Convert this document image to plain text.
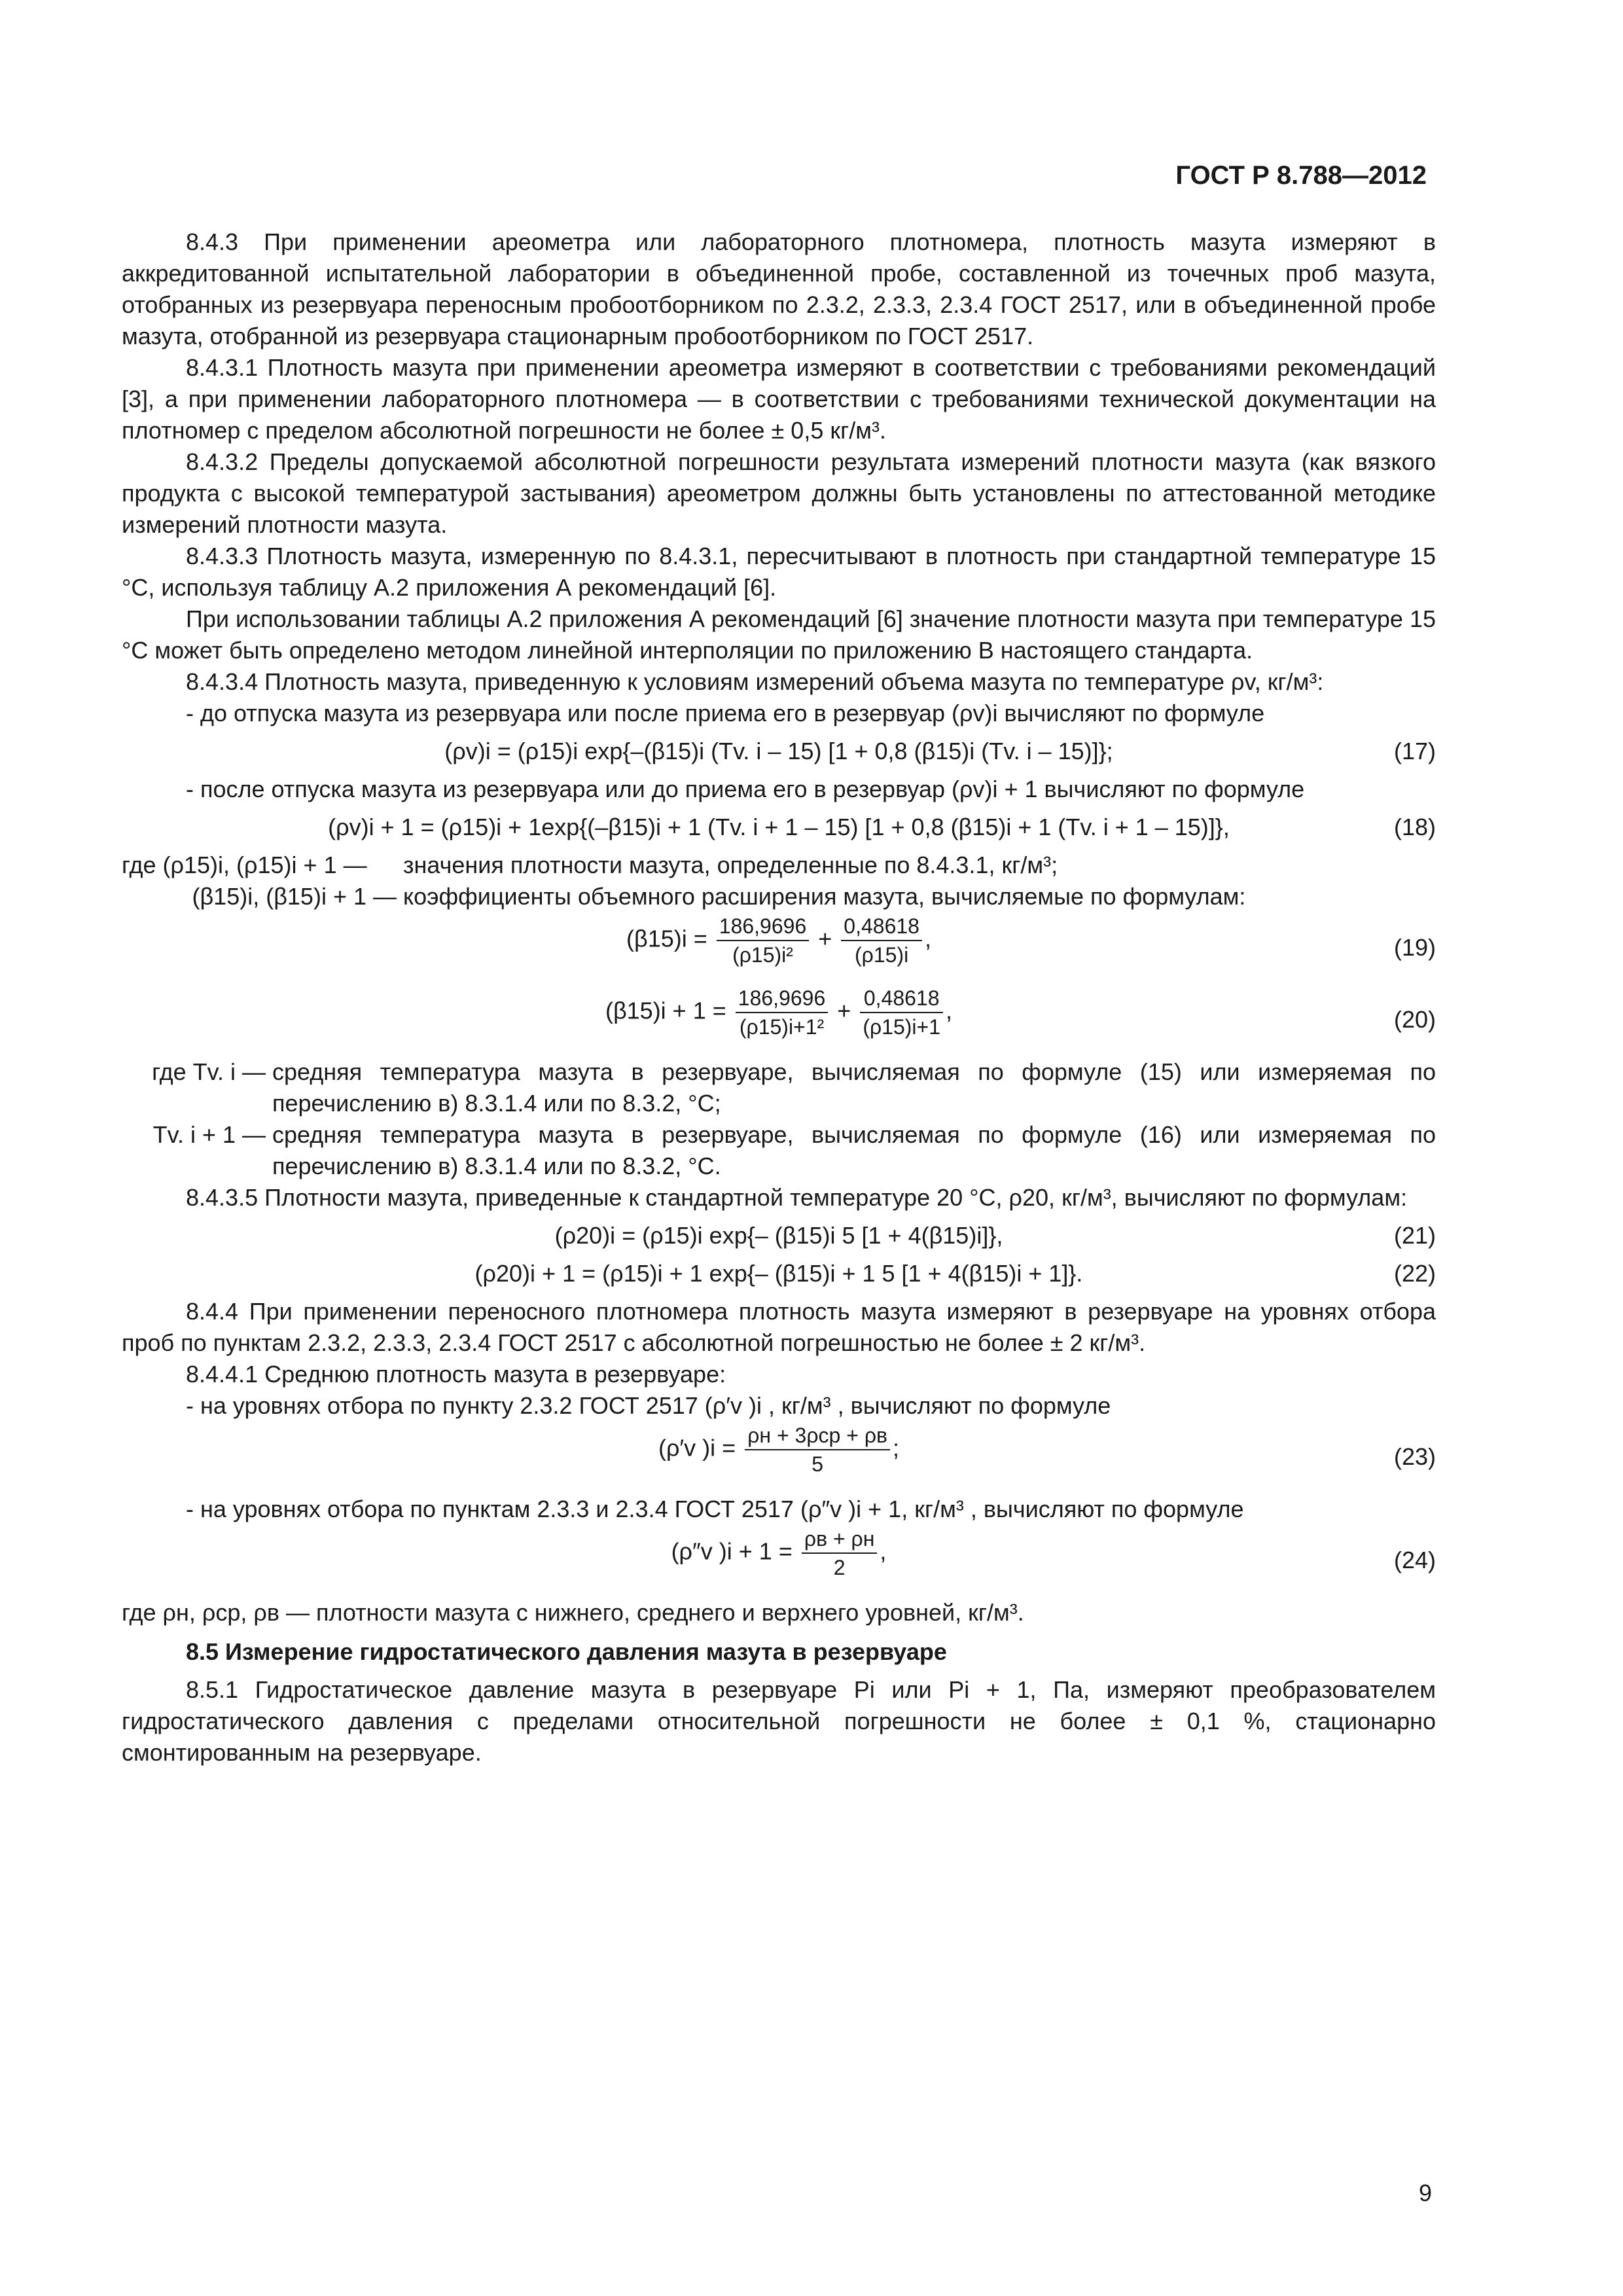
ГОСТ Р 8.788—2012

8.4.3 При применении ареометра или лабораторного плотномера, плотность мазута измеряют в аккредитованной испытательной лаборатории в объединенной пробе, составленной из точечных проб мазута, отобранных из резервуара переносным пробоотборником по 2.3.2, 2.3.3, 2.3.4 ГОСТ 2517, или в объединенной пробе мазута, отобранной из резервуара стационарным пробоотборником по ГОСТ 2517.

8.4.3.1 Плотность мазута при применении ареометра измеряют в соответствии с требованиями рекомендаций [3], а при применении лабораторного плотномера — в соответствии с требованиями технической документации на плотномер с пределом абсолютной погрешности не более ± 0,5 кг/м³.

8.4.3.2 Пределы допускаемой абсолютной погрешности результата измерений плотности мазута (как вязкого продукта с высокой температурой застывания) ареометром должны быть установлены по аттестованной методике измерений плотности мазута.

8.4.3.3 Плотность мазута, измеренную по 8.4.3.1, пересчитывают в плотность при стандартной температуре 15 °С, используя таблицу А.2 приложения А рекомендаций [6].

При использовании таблицы А.2 приложения А рекомендаций [6] значение плотности мазута при температуре 15 °С может быть определено методом линейной интерполяции по приложению В настоящего стандарта.

8.4.3.4 Плотность мазута, приведенную к условиям измерений объема мазута по температуре ρv, кг/м³:

- до отпуска мазута из резервуара или после приема его в резервуар (ρv)i вычисляют по формуле

(ρv)i = (ρ15)i exp{–(β15)i (Tv. i – 15) [1 + 0,8 (β15)i (Tv. i – 15)]};	(17)

- после отпуска мазута из резервуара или до приема его в резервуар (ρv)i + 1 вычисляют по формуле

(ρv)i + 1 = (ρ15)i + 1exp{(–β15)i + 1 (Tv. i + 1 – 15) [1 + 0,8 (β15)i + 1 (Tv. i + 1 – 15)]},	(18)
где (ρ15)i, (ρ15)i + 1 —	значения плотности мазута, определенные по 8.4.3.1, кг/м³;
(β15)i, (β15)i + 1 — коэффициенты объемного расширения мазута, вычисляемые по формулам:
$(\beta 15)i = \frac{186,9696}{\text{(ρ15)i²}} + \frac{0,48618}{(\rho 15)i}$ ,	(19)
$(\beta 15)i + 1 = \frac{186,9696}{\text{(ρ15)i+1²}} + \frac{0,48618}{(\rho 15)i+1}$ ,	(20)
где Tv. i — средняя температура мазута в резервуаре, вычисляемая по формуле (15) или измеряемая по перечислению в) 8.3.1.4 или по 8.3.2, °С;
Tv. i + 1 — средняя температура мазута в резервуаре, вычисляемая по формуле (16) или измеряемая по перечислению в) 8.3.1.4 или по 8.3.2, °С.

8.4.3.5 Плотности мазута, приведенные к стандартной температуре 20 °С, ρ20, кг/м³, вычисляют по формулам:

(ρ20)i = (ρ15)i exp{– (β15)i 5 [1 + 4(β15)i]},	(21)
(ρ20)i + 1 = (ρ15)i + 1 exp{– (β15)i + 1 5 [1 + 4(β15)i + 1]}.	(22)

8.4.4 При применении переносного плотномера плотность мазута измеряют в резервуаре на уровнях отбора проб по пунктам 2.3.2, 2.3.3, 2.3.4 ГОСТ 2517 с абсолютной погрешностью не более ± 2 кг/м³.

8.4.4.1 Среднюю плотность мазута в резервуаре:

- на уровнях отбора по пункту 2.3.2 ГОСТ 2517 (ρ′v )i , кг/м³ , вычисляют по формуле

(ρ′v )$i = \frac{\text{ρн + 3ρср + ρв}}{5}$ ;	(23)

- на уровнях отбора по пунктам 2.3.3 и 2.3.4 ГОСТ 2517 (ρ″v )i + 1, кг/м³ , вычисляют по формуле

(ρ″v )$i + 1 = \frac{\rho в + \rho н}{2}$ ,	(24)

где ρн, ρср, ρв — плотности мазута с нижнего, среднего и верхнего уровней, кг/м³.

8.5 Измерение гидростатического давления мазута в резервуаре

8.5.1 Гидростатическое давление мазута в резервуаре Pi или Pi + 1, Па, измеряют преобразователем гидростатического давления с пределами относительной погрешности не более ± 0,1 %, стационарно смонтированным на резервуаре.

9
